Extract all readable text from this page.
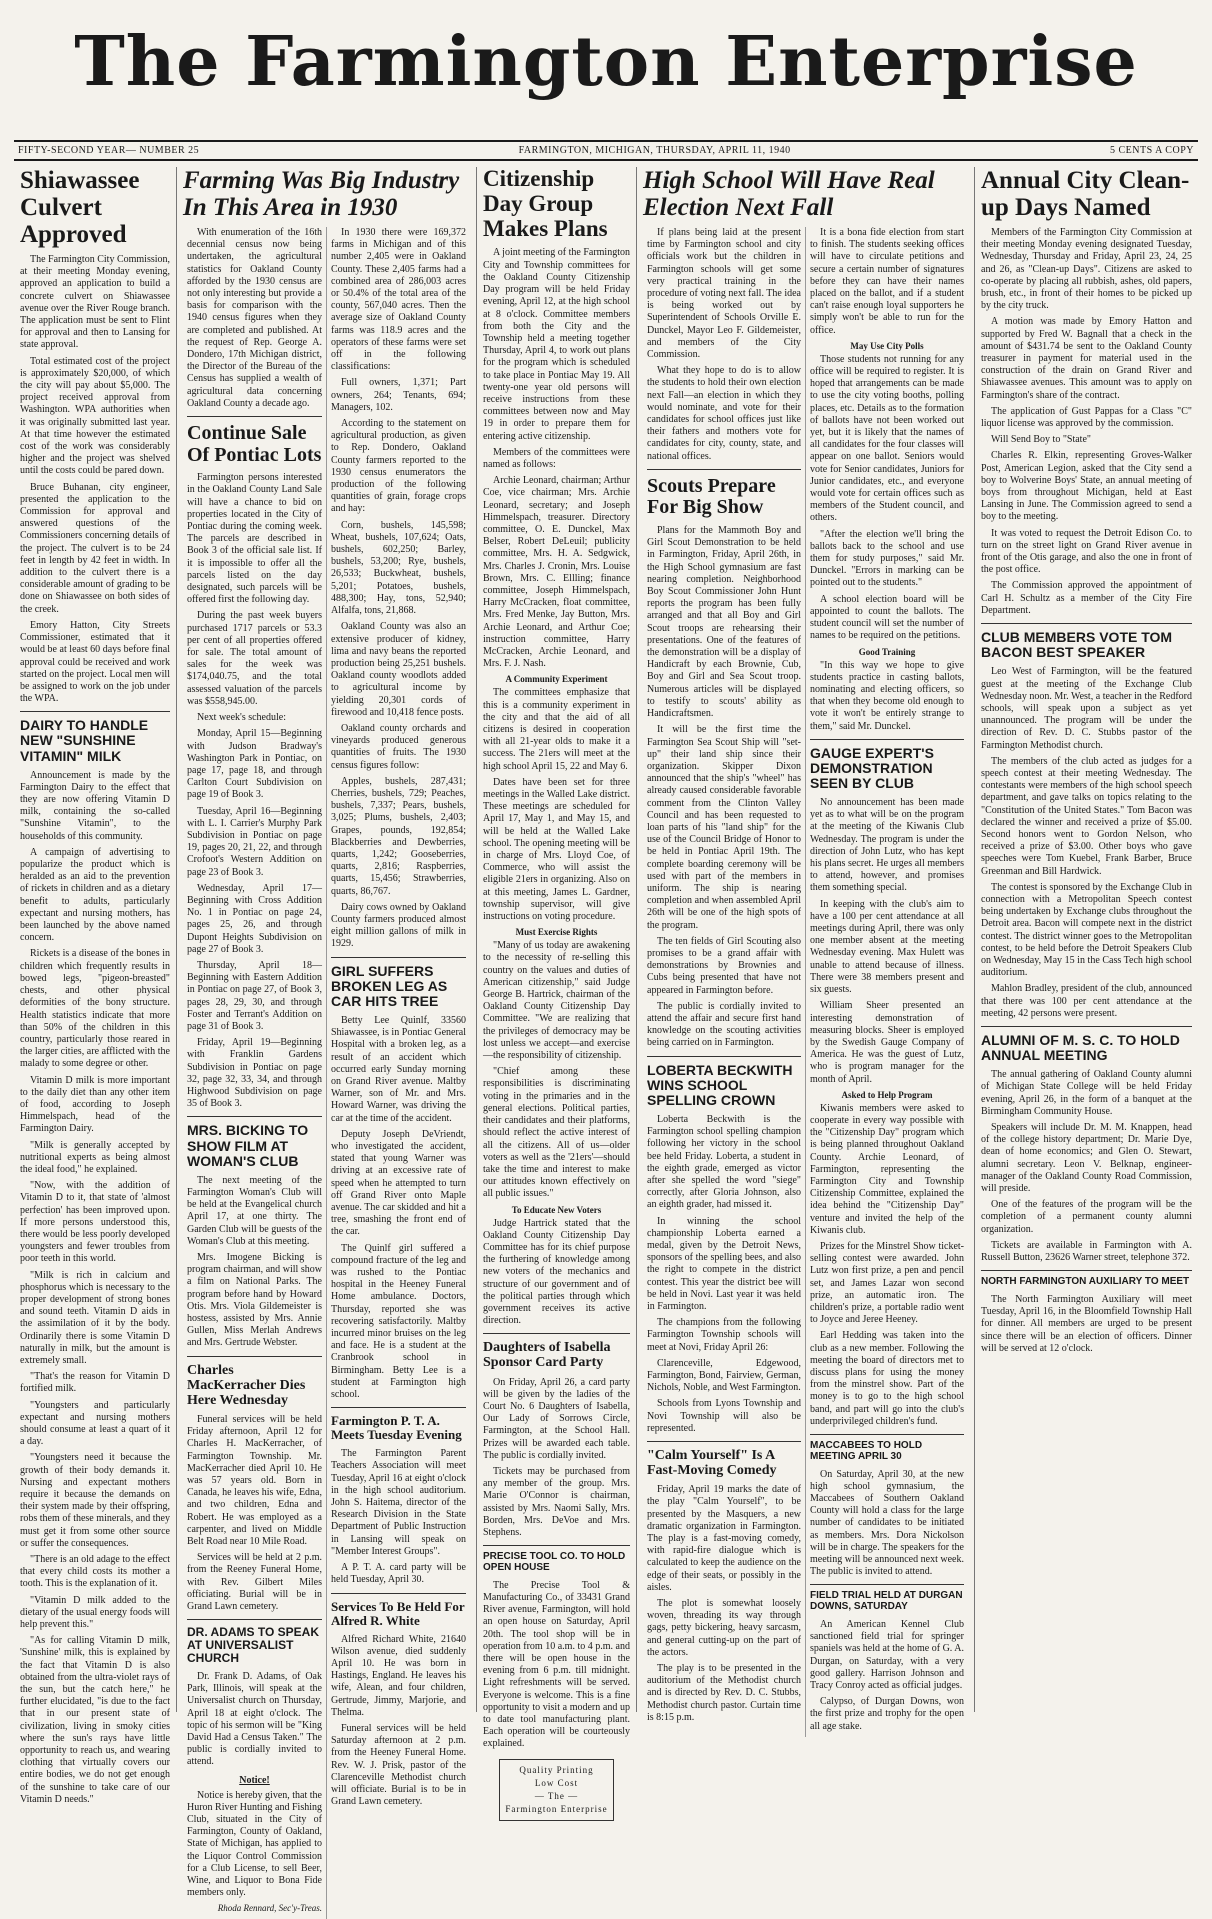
The Farmington Enterprise
FIFTY-SECOND YEAR— NUMBER 25	FARMINGTON, MICHIGAN, THURSDAY, APRIL 11, 1940	5 CENTS A COPY
Shiawassee Culvert Approved

The Farmington City Commission, at their meeting Monday evening, approved an application to build a concrete culvert on Shiawassee avenue over the River Rouge branch. The application must be sent to Flint for approval and then to Lansing for state approval.

Total estimated cost of the project is approximately $20,000, of which the city will pay about $5,000. The project received approval from Washington. WPA authorities when it was originally submitted last year. At that time however the estimated cost of the work was considerably higher and the project was shelved until the costs could be pared down.

Bruce Buhanan, city engineer, presented the application to the Commission for approval and answered questions of the Commissioners concerning details of the project. The culvert is to be 24 feet in length by 42 feet in width. In addition to the culvert there is a considerable amount of grading to be done on Shiawassee on both sides of the creek.

Emory Hatton, City Streets Commissioner, estimated that it would be at least 60 days before final approval could be received and work started on the project. Local men will be assigned to work on the job under the WPA.

DAIRY TO HANDLE NEW "SUNSHINE VITAMIN" MILK

Announcement is made by the Farmington Dairy to the effect that they are now offering Vitamin D milk, containing the so-called "Sunshine Vitamin", to the households of this community.

A campaign of advertising to popularize the product which is heralded as an aid to the prevention of rickets in children and as a dietary benefit to adults, particularly expectant and nursing mothers, has been launched by the above named concern.

Rickets is a disease of the bones in children which frequently results in bowed legs, "pigeon-breasted" chests, and other physical deformities of the bony structure. Health statistics indicate that more than 50% of the children in this country, particularly those reared in the larger cities, are afflicted with the malady to some degree or other.

Vitamin D milk is more important to the daily diet than any other item of food, according to Joseph Himmelspach, head of the Farmington Dairy.

"Milk is generally accepted by nutritional experts as being almost the ideal food," he explained.

"Now, with the addition of Vitamin D to it, that state of 'almost perfection' has been improved upon. If more persons understood this, there would be less poorly developed youngsters and fewer troubles from poor teeth in this world.

"Milk is rich in calcium and phosphorus which is necessary to the proper development of strong bones and sound teeth. Vitamin D aids in the assimilation of it by the body. Ordinarily there is some Vitamin D naturally in milk, but the amount is extremely small.

"That's the reason for Vitamin D fortified milk.

"Youngsters and particularly expectant and nursing mothers should consume at least a quart of it a day.

"Youngsters need it because the growth of their body demands it. Nursing and expectant mothers require it because the demands on their system made by their offspring, robs them of these minerals, and they must get it from some other source or suffer the consequences.

"There is an old adage to the effect that every child costs its mother a tooth. This is the explanation of it.

"Vitamin D milk added to the dietary of the usual energy foods will help prevent this."

"As for calling Vitamin D milk, 'Sunshine' milk, this is explained by the fact that Vitamin D is also obtained from the ultra-violet rays of the sun, but the catch here," he further elucidated, "is due to the fact that in our present state of civilization, living in smoky cities where the sun's rays have little opportunity to reach us, and wearing clothing that virtually covers our entire bodies, we do not get enough of the sunshine to take care of our Vitamin D needs."

Farming Was Big Industry In This Area in 1930

With enumeration of the 16th decennial census now being undertaken, the agricultural statistics for Oakland County afforded by the 1930 census are not only interesting but provide a basis for comparison with the 1940 census figures when they are completed and published. At the request of Rep. George A. Dondero, 17th Michigan district, the Director of the Bureau of the Census has supplied a wealth of agricultural data concerning Oakland County a decade ago.

Continue Sale Of Pontiac Lots

Farmington persons interested in the Oakland County Land Sale will have a chance to bid on properties located in the City of Pontiac during the coming week. The parcels are described in Book 3 of the official sale list. If it is impossible to offer all the parcels listed on the day designated, such parcels will be offered first the following day.

During the past week buyers purchased 1717 parcels or 53.3 per cent of all properties offered for sale. The total amount of sales for the week was $174,040.75, and the total assessed valuation of the parcels was $558,945.00.

Next week's schedule:

Monday, April 15—Beginning with Judson Bradway's Washington Park in Pontiac, on page 17, page 18, and through Carlton Court Subdivision on page 19 of Book 3.

Tuesday, April 16—Beginning with L. I. Carrier's Murphy Park Subdivision in Pontiac on page 19, pages 20, 21, 22, and through Crofoot's Western Addition on page 23 of Book 3.

Wednesday, April 17—Beginning with Cross Addition No. 1 in Pontiac on page 24, pages 25, 26, and through Dupont Heights Subdivision on page 27 of Book 3.

Thursday, April 18—Beginning with Eastern Addition in Pontiac on page 27, of Book 3, pages 28, 29, 30, and through Foster and Terrant's Addition on page 31 of Book 3.

Friday, April 19—Beginning with Franklin Gardens Subdivision in Pontiac on page 32, page 32, 33, 34, and through Highwood Subdivision on page 35 of Book 3.

MRS. BICKING TO SHOW FILM AT WOMAN'S CLUB

The next meeting of the Farmington Woman's Club will be held at the Evangelical church April 17, at one thirty. The Garden Club will be guests of the Woman's Club at this meeting.

Mrs. Imogene Bicking is program chairman, and will show a film on National Parks. The program before hand by Howard Otis. Mrs. Viola Gildemeister is hostess, assisted by Mrs. Annie Gullen, Miss Merlah Andrews and Mrs. Gertrude Webster.

Charles MacKerracher Dies Here Wednesday

Funeral services will be held Friday afternoon, April 12 for Charles H. MacKerracher, of Farmington Township. Mr. MacKerracher died April 10. He was 57 years old. Born in Canada, he leaves his wife, Edna, and two children, Edna and Robert. He was employed as a carpenter, and lived on Middle Belt Road near 10 Mile Road.

Services will be held at 2 p.m. from the Reeney Funeral Home, with Rev. Gilbert Miles officiating. Burial will be in Grand Lawn cemetery.

DR. ADAMS TO SPEAK AT UNIVERSALIST CHURCH

Dr. Frank D. Adams, of Oak Park, Illinois, will speak at the Universalist church on Thursday, April 18 at eight o'clock. The topic of his sermon will be "King David Had a Census Taken." The public is cordially invited to attend.

Notice!

Notice is hereby given, that the Huron River Hunting and Fishing Club, situated in the City of Farmington, County of Oakland, State of Michigan, has applied to the Liquor Control Commission for a Club License, to sell Beer, Wine, and Liquor to Bona Fide members only.

Rhoda Rennard, Sec'y-Treas.

In 1930 there were 169,372 farms in Michigan and of this number 2,405 were in Oakland County. These 2,405 farms had a combined area of 286,003 acres or 50.4% of the total area of the county, 567,040 acres. Then the average size of Oakland County farms was 118.9 acres and the operators of these farms were set off in the following classifications:

Full owners, 1,371; Part owners, 264; Tenants, 694; Managers, 102.

According to the statement on agricultural production, as given to Rep. Dondero, Oakland County farmers reported to the 1930 census enumerators the production of the following quantities of grain, forage crops and hay:

Corn, bushels, 145,598; Wheat, bushels, 107,624; Oats, bushels, 602,250; Barley, bushels, 53,200; Rye, bushels, 26,533; Buckwheat, bushels, 5,201; Potatoes, bushels, 488,300; Hay, tons, 52,940; Alfalfa, tons, 21,868.

Oakland County was also an extensive producer of kidney, lima and navy beans the reported production being 25,251 bushels. Oakland county woodlots added to agricultural income by yielding 20,301 cords of firewood and 10,418 fence posts.

Oakland county orchards and vineyards produced generous quantities of fruits. The 1930 census figures follow:

Apples, bushels, 287,431; Cherries, bushels, 729; Peaches, bushels, 7,337; Pears, bushels, 3,025; Plums, bushels, 2,403; Grapes, pounds, 192,854; Blackberries and Dewberries, quarts, 1,242; Gooseberries, quarts, 2,816; Raspberries, quarts, 15,456; Strawberries, quarts, 86,767.

Dairy cows owned by Oakland County farmers produced almost eight million gallons of milk in 1929.

GIRL SUFFERS BROKEN LEG AS CAR HITS TREE

Betty Lee Quinlf, 33560 Shiawassee, is in Pontiac General Hospital with a broken leg, as a result of an accident which occurred early Sunday morning on Grand River avenue. Maltby Warner, son of Mr. and Mrs. Howard Warner, was driving the car at the time of the accident.

Deputy Joseph DeVriendt, who investigated the accident, stated that young Warner was driving at an excessive rate of speed when he attempted to turn off Grand River onto Maple avenue. The car skidded and hit a tree, smashing the front end of the car.

The Quinlf girl suffered a compound fracture of the leg and was rushed to the Pontiac hospital in the Heeney Funeral Home ambulance. Doctors, Thursday, reported she was recovering satisfactorily. Maltby incurred minor bruises on the leg and face. He is a student at the Cranbrook school in Birmingham. Betty Lee is a student at Farmington high school.

Farmington P. T. A. Meets Tuesday Evening

The Farmington Parent Teachers Association will meet Tuesday, April 16 at eight o'clock in the high school auditorium. John S. Haitema, director of the Research Division in the State Department of Public Instruction in Lansing will speak on "Member Interest Groups".

A P. T. A. card party will be held Tuesday, April 30.

Services To Be Held For Alfred R. White

Alfred Richard White, 21640 Wilson avenue, died suddenly April 10. He was born in Hastings, England. He leaves his wife, Alean, and four children, Gertrude, Jimmy, Marjorie, and Thelma.

Funeral services will be held Saturday afternoon at 2 p.m. from the Heeney Funeral Home. Rev. W. J. Prisk, pastor of the Clarenceville Methodist church will officiate. Burial is to be in Grand Lawn cemetery.

Citizenship Day Group Makes Plans

A joint meeting of the Farmington City and Township committees for the Oakland County Citizenship Day program will be held Friday evening, April 12, at the high school at 8 o'clock. Committee members from both the City and the Township held a meeting together Thursday, April 4, to work out plans for the program which is scheduled to take place in Pontiac May 19. All twenty-one year old persons will receive instructions from these committees between now and May 19 in order to prepare them for entering active citizenship.

Members of the committees were named as follows:

Archie Leonard, chairman; Arthur Coe, vice chairman; Mrs. Archie Leonard, secretary; and Joseph Himmelspach, treasurer. Directory committee, O. E. Dunckel, Max Belser, Robert DeLeuil; publicity committee, Mrs. H. A. Sedgwick, Mrs. Charles J. Cronin, Mrs. Louise Brown, Mrs. C. Ellling; finance committee, Joseph Himmelspach, Harry McCracken, float committee, Mrs. Fred Menke, Jay Button, Mrs. Archie Leonard, and Arthur Coe; instruction committee, Harry McCracken, Archie Leonard, and Mrs. F. J. Nash.

A Community Experiment

The committees emphasize that this is a community experiment in the city and that the aid of all citizens is desired in cooperation with all 21-year olds to make it a success. The 21ers will meet at the high school April 15, 22 and May 6.

Dates have been set for three meetings in the Walled Lake district. These meetings are scheduled for April 17, May 1, and May 15, and will be held at the Walled Lake school. The opening meeting will be in charge of Mrs. Lloyd Coe, of Commerce, who will assist the eligible 21ers in organizing. Also on at this meeting, James L. Gardner, township supervisor, will give instructions on voting procedure.

Must Exercise Rights

"Many of us today are awakening to the necessity of re-selling this country on the values and duties of American citizenship," said Judge George B. Hartrick, chairman of the Oakland County Citizenship Day Committee. "We are realizing that the privileges of democracy may be lost unless we accept—and exercise—the responsibility of citizenship.

"Chief among these responsibilities is discriminating voting in the primaries and in the general elections. Political parties, their candidates and their platforms, should reflect the active interest of all the citizens. All of us—older voters as well as the '21ers'—should take the time and interest to make our attitudes known effectively on all public issues."

To Educate New Voters

Judge Hartrick stated that the Oakland County Citizenship Day Committee has for its chief purpose the furthering of knowledge among new voters of the mechanics and structure of our government and of the political parties through which government receives its active direction.

Daughters of Isabella Sponsor Card Party

On Friday, April 26, a card party will be given by the ladies of the Court No. 6 Daughters of Isabella, Our Lady of Sorrows Circle, Farmington, at the School Hall. Prizes will be awarded each table. The public is cordially invited.

Tickets may be purchased from any member of the group. Mrs. Marie O'Connor is chairman, assisted by Mrs. Naomi Sally, Mrs. Borden, Mrs. DeVoe and Mrs. Stephens.

PRECISE TOOL CO. TO HOLD OPEN HOUSE

The Precise Tool & Manufacturing Co., of 33431 Grand River avenue, Farmington, will hold an open house on Saturday, April 20th. The tool shop will be in operation from 10 a.m. to 4 p.m. and there will be open house in the evening from 6 p.m. till midnight. Light refreshments will be served. Everyone is welcome. This is a fine opportunity to visit a modern and up to date tool manufacturing plant. Each operation will be courteously explained.

Quality Printing
Low Cost
— The —
Farmington Enterprise
High School Will Have Real Election Next Fall

If plans being laid at the present time by Farmington school and city officials work but the children in Farmington schools will get some very practical training in the procedure of voting next fall. The idea is being worked out by Superintendent of Schools Orville E. Dunckel, Mayor Leo F. Gildemeister, and members of the City Commission.

What they hope to do is to allow the students to hold their own election next Fall—an election in which they would nominate, and vote for their candidates for school offices just like their fathers and mothers vote for candidates for city, county, state, and national offices.

Scouts Prepare For Big Show

Plans for the Mammoth Boy and Girl Scout Demonstration to be held in Farmington, Friday, April 26th, in the High School gymnasium are fast nearing completion. Neighborhood Boy Scout Commissioner John Hunt reports the program has been fully arranged and that all Boy and Girl Scout troops are rehearsing their presentations. One of the features of the demonstration will be a display of Handicraft by each Brownie, Cub, Boy and Girl and Sea Scout troop. Numerous articles will be displayed to testify to scouts' ability as Handicraftsmen.

It will be the first time the Farmington Sea Scout Ship will "set-up" their land ship since their organization. Skipper Dixon announced that the ship's "wheel" has already caused considerable favorable comment from the Clinton Valley Council and has been requested to loan parts of his "land ship" for the use of the Council Bridge of Honor to be held in Pontiac April 19th. The complete boarding ceremony will be used with part of the members in uniform. The ship is nearing completion and when assembled April 26th will be one of the high spots of the program.

The ten fields of Girl Scouting also promises to be a grand affair with demonstrations by Brownies and Cubs being presented that have not appeared in Farmington before.

The public is cordially invited to attend the affair and secure first hand knowledge on the scouting activities being carried on in Farmington.

LOBERTA BECKWITH WINS SCHOOL SPELLING CROWN

Loberta Beckwith is the Farmington school spelling champion following her victory in the school bee held Friday. Loberta, a student in the eighth grade, emerged as victor after she spelled the word "siege" correctly, after Gloria Johnson, also an eighth grader, had missed it.

In winning the school championship Loberta earned a medal, given by the Detroit News, sponsors of the spelling bees, and also the right to compete in the district contest. This year the district bee will be held in Novi. Last year it was held in Farmington.

The champions from the following Farmington Township schools will meet at Novi, Friday April 26:

Clarenceville, Edgewood, Farmington, Bond, Fairview, German, Nichols, Noble, and West Farmington.

Schools from Lyons Township and Novi Township will also be represented.

"Calm Yourself" Is A Fast-Moving Comedy

Friday, April 19 marks the date of the play "Calm Yourself", to be presented by the Masquers, a new dramatic organization in Farmington. The play is a fast-moving comedy, with rapid-fire dialogue which is calculated to keep the audience on the edge of their seats, or possibly in the aisles.

The plot is somewhat loosely woven, threading its way through gags, petty bickering, heavy sarcasm, and general cutting-up on the part of the actors.

The play is to be presented in the auditorium of the Methodist church and is directed by Rev. D. C. Stubbs, Methodist church pastor. Curtain time is 8:15 p.m.

It is a bona fide election from start to finish. The students seeking offices will have to circulate petitions and secure a certain number of signatures before they can have their names placed on the ballot, and if a student can't raise enough loyal supporters he simply won't be able to run for the office.

May Use City Polls

Those students not running for any office will be required to register. It is hoped that arrangements can be made to use the city voting booths, polling places, etc. Details as to the formation of ballots have not been worked out yet, but it is likely that the names of all candidates for the four classes will appear on one ballot. Seniors would vote for Senior candidates, Juniors for Junior candidates, etc., and everyone would vote for certain offices such as members of the Student council, and others.

"After the election we'll bring the ballots back to the school and use them for study purposes," said Mr. Dunckel. "Errors in marking can be pointed out to the students."

A school election board will be appointed to count the ballots. The student council will set the number of names to be required on the petitions.

Good Training

"In this way we hope to give students practice in casting ballots, nominating and electing officers, so that when they become old enough to vote it won't be entirely strange to them," said Mr. Dunckel.

GAUGE EXPERT'S DEMONSTRATION SEEN BY CLUB

No announcement has been made yet as to what will be on the program at the meeting of the Kiwanis Club Wednesday. The program is under the direction of John Lutz, who has kept his plans secret. He urges all members to attend, however, and promises them something special.

In keeping with the club's aim to have a 100 per cent attendance at all meetings during April, there was only one member absent at the meeting Wednesday evening. Max Hulett was unable to attend because of illness. There were 38 members present and six guests.

William Sheer presented an interesting demonstration of measuring blocks. Sheer is employed by the Swedish Gauge Company of America. He was the guest of Lutz, who is program manager for the month of April.

Asked to Help Program

Kiwanis members were asked to cooperate in every way possible with the "Citizenship Day" program which is being planned throughout Oakland County. Archie Leonard, of Farmington, representing the Farmington City and Township Citizenship Committee, explained the idea behind the "Citizenship Day" venture and invited the help of the Kiwanis club.

Prizes for the Minstrel Show ticket-selling contest were awarded. John Lutz won first prize, a pen and pencil set, and James Lazar won second prize, an automatic iron. The children's prize, a portable radio went to Joyce and Jeree Heeney.

Earl Hedding was taken into the club as a new member. Following the meeting the board of directors met to discuss plans for using the money from the minstrel show. Part of the money is to go to the high school band, and part will go into the club's underprivileged children's fund.

MACCABEES TO HOLD MEETING APRIL 30

On Saturday, April 30, at the new high school gymnasium, the Maccabees of Southern Oakland County will hold a class for the large number of candidates to be initiated as members. Mrs. Dora Nickolson will be in charge. The speakers for the meeting will be announced next week. The public is invited to attend.

FIELD TRIAL HELD AT DURGAN DOWNS, SATURDAY

An American Kennel Club sanctioned field trial for springer spaniels was held at the home of G. A. Durgan, on Saturday, with a very good gallery. Harrison Johnson and Tracy Conroy acted as official judges.

Calypso, of Durgan Downs, won the first prize and trophy for the open all age stake.

Annual City Clean-up Days Named

Members of the Farmington City Commission at their meeting Monday evening designated Tuesday, Wednesday, Thursday and Friday, April 23, 24, 25 and 26, as "Clean-up Days". Citizens are asked to co-operate by placing all rubbish, ashes, old papers, brush, etc., in front of their homes to be picked up by the city truck.

A motion was made by Emory Hatton and supported by Fred W. Bagnall that a check in the amount of $431.74 be sent to the Oakland County treasurer in payment for material used in the construction of the drain on Grand River and Shiawassee avenues. This amount was to apply on Farmington's share of the contract.

The application of Gust Pappas for a Class "C" liquor license was approved by the commission.

Will Send Boy to "State"

Charles R. Elkin, representing Groves-Walker Post, American Legion, asked that the City send a boy to Wolverine Boys' State, an annual meeting of boys from throughout Michigan, held at East Lansing in June. The Commission agreed to send a boy to the meeting.

It was voted to request the Detroit Edison Co. to turn on the street light on Grand River avenue in front of the Otis garage, and also the one in front of the post office.

The Commission approved the appointment of Carl H. Schultz as a member of the City Fire Department.

CLUB MEMBERS VOTE TOM BACON BEST SPEAKER

Leo West of Farmington, will be the featured guest at the meeting of the Exchange Club Wednesday noon. Mr. West, a teacher in the Redford schools, will speak upon a subject as yet unannounced. The program will be under the direction of Rev. D. C. Stubbs pastor of the Farmington Methodist church.

The members of the club acted as judges for a speech contest at their meeting Wednesday. The contestants were members of the high school speech department, and gave talks on topics relating to the "Constitution of the United States." Tom Bacon was declared the winner and received a prize of $5.00. Second honors went to Gordon Nelson, who received a prize of $3.00. Other boys who gave speeches were Tom Kuebel, Frank Barber, Bruce Greenman and Bill Hardwick.

The contest is sponsored by the Exchange Club in connection with a Metropolitan Speech contest being undertaken by Exchange clubs throughout the Detroit area. Bacon will compete next in the district contest. The district winner goes to the Metropolitan contest, to be held before the Detroit Speakers Club on Wednesday, May 15 in the Cass Tech high school auditorium.

Mahlon Bradley, president of the club, announced that there was 100 per cent attendance at the meeting, 42 persons were present.

ALUMNI OF M. S. C. TO HOLD ANNUAL MEETING

The annual gathering of Oakland County alumni of Michigan State College will be held Friday evening, April 26, in the form of a banquet at the Birmingham Community House.

Speakers will include Dr. M. M. Knappen, head of the college history department; Dr. Marie Dye, dean of home economics; and Glen O. Stewart, alumni secretary. Leon V. Belknap, engineer-manager of the Oakland County Road Commission, will preside.

One of the features of the program will be the completion of a permanent county alumni organization.

Tickets are available in Farmington with A. Russell Button, 23626 Warner street, telephone 372.

NORTH FARMINGTON AUXILIARY TO MEET

The North Farmington Auxiliary will meet Tuesday, April 16, in the Bloomfield Township Hall for dinner. All members are urged to be present since there will be an election of officers. Dinner will be served at 12 o'clock.
